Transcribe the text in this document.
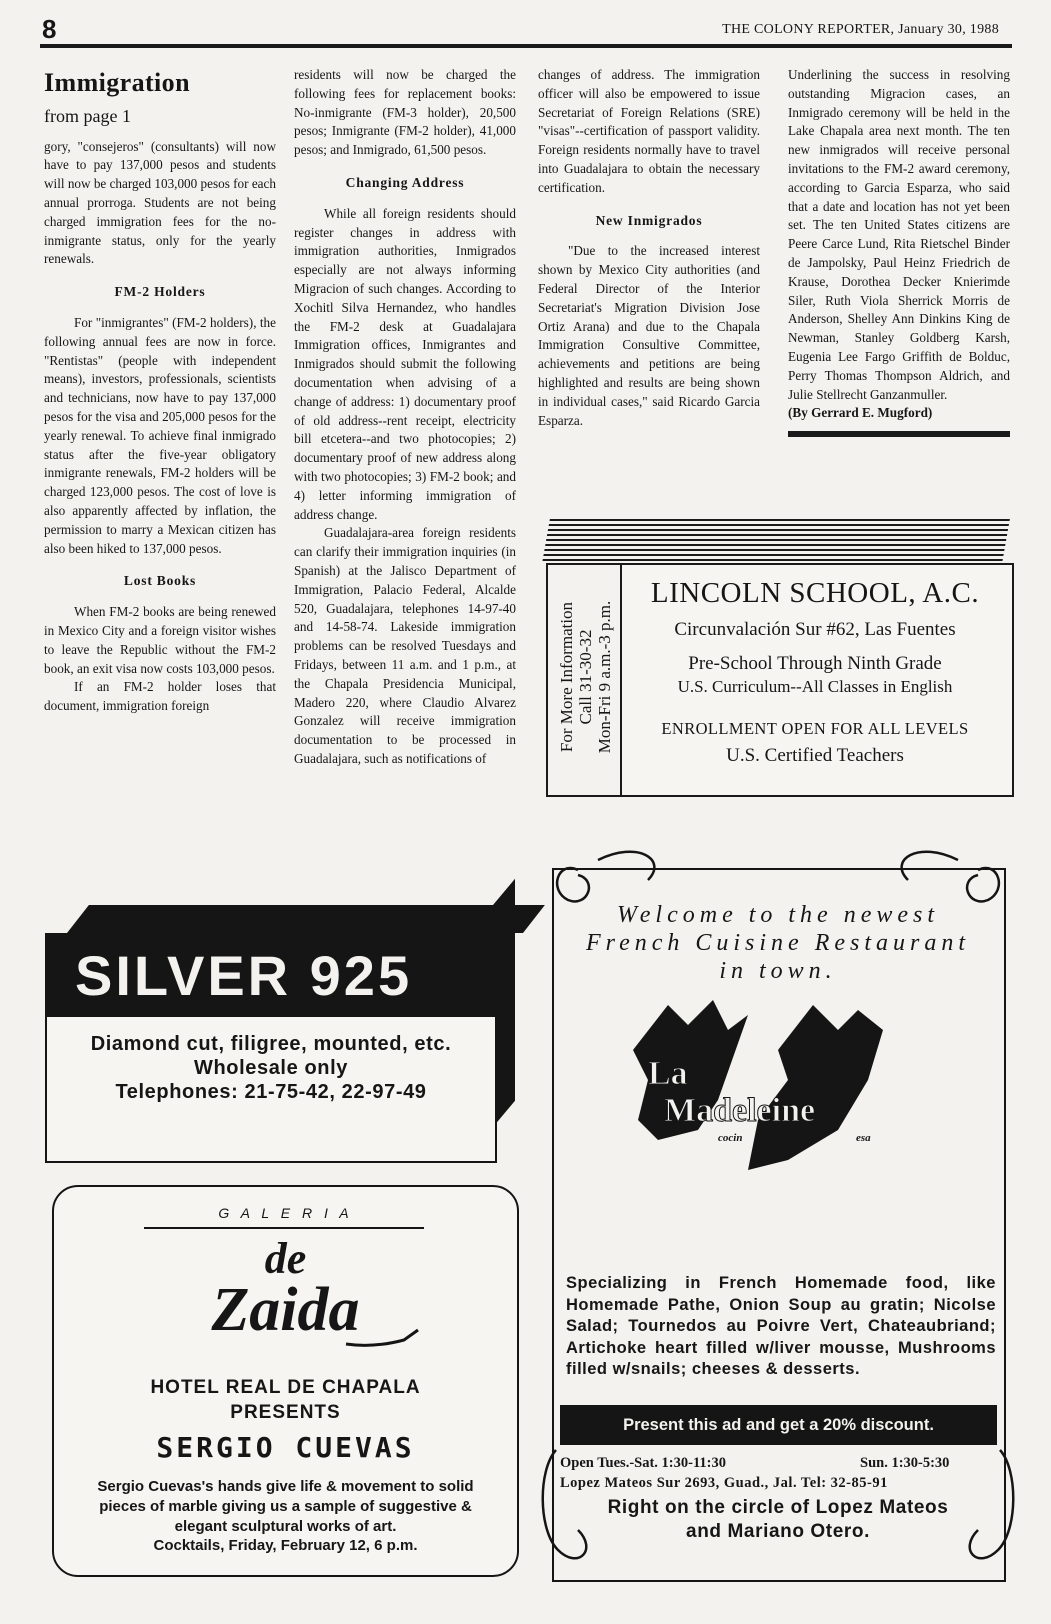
8	THE COLONY REPORTER, January 30, 1988
Immigration
from page 1

gory, "consejeros" (consultants) will now have to pay 137,000 pesos and students will now be charged 103,000 pesos for each annual prorroga. Students are not being charged immigration fees for the no-inmigrante status, only for the yearly renewals.

FM-2 Holders

For "inmigrantes" (FM-2 holders), the following annual fees are now in force. "Rentistas" (people with independent means), investors, professionals, scientists and technicians, now have to pay 137,000 pesos for the visa and 205,000 pesos for the yearly renewal. To achieve final inmigrado status after the five-year obligatory inmigrante renewals, FM-2 holders will be charged 123,000 pesos. The cost of love is also apparently affected by inflation, the permission to marry a Mexican citizen has also been hiked to 137,000 pesos.

Lost Books

When FM-2 books are being renewed in Mexico City and a foreign visitor wishes to leave the Republic without the FM-2 book, an exit visa now costs 103,000 pesos.

If an FM-2 holder loses that document, immigration foreign

residents will now be charged the following fees for replacement books: No-inmigrante (FM-3 holder), 20,500 pesos; Inmigrante (FM-2 holder), 41,000 pesos; and Inmigrado, 61,500 pesos.

Changing Address

While all foreign residents should register changes in address with immigration authorities, Inmigrados especially are not always informing Migracion of such changes. According to Xochitl Silva Hernandez, who handles the FM-2 desk at Guadalajara Immigration offices, Inmigrantes and Inmigrados should submit the following documentation when advising of a change of address: 1) documentary proof of old address--rent receipt, electricity bill etcetera--and two photocopies; 2) documentary proof of new address along with two photocopies; 3) FM-2 book; and 4) letter informing immigration of address change.

Guadalajara-area foreign residents can clarify their immigration inquiries (in Spanish) at the Jalisco Department of Immigration, Palacio Federal, Alcalde 520, Guadalajara, telephones 14-97-40 and 14-58-74. Lakeside immigration problems can be resolved Tuesdays and Fridays, between 11 a.m. and 1 p.m., at the Chapala Presidencia Municipal, Madero 220, where Claudio Alvarez Gonzalez will receive immigration documentation to be processed in Guadalajara, such as notifications of

changes of address. The immigration officer will also be empowered to issue Secretariat of Foreign Relations (SRE) "visas"--certification of passport validity. Foreign residents normally have to travel into Guadalajara to obtain the necessary certification.

New Inmigrados

"Due to the increased interest shown by Mexico City authorities (and Federal Director of the Interior Secretariat's Migration Division Jose Ortiz Arana) and due to the Chapala Immigration Consultive Committee, achievements and petitions are being highlighted and results are being shown in individual cases," said Ricardo Garcia Esparza.

Underlining the success in resolving outstanding Migracion cases, an Inmigrado ceremony will be held in the Lake Chapala area next month. The ten new inmigrados will receive personal invitations to the FM-2 award ceremony, according to Garcia Esparza, who said that a date and location has not yet been set. The ten United States citizens are Peere Carce Lund, Rita Rietschel Binder de Jampolsky, Paul Heinz Friedrich de Krause, Dorothea Decker Knierimde Siler, Ruth Viola Sherrick Morris de Anderson, Shelley Ann Dinkins King de Newman, Stanley Goldberg Karsh, Eugenia Lee Fargo Griffith de Bolduc, Perry Thomas Thompson Aldrich, and Julie Stellrecht Ganzanmuller.

(By Gerrard E. Mugford)

For More Information Call 31-30-32 Mon-Fri 9 a.m.-3 p.m.
LINCOLN SCHOOL, A.C.
Circunvalación Sur #62, Las Fuentes
Pre-School Through Ninth Grade
U.S. Curriculum--All Classes in English
ENROLLMENT OPEN FOR ALL LEVELS
U.S. Certified Teachers
SILVER 925
Diamond cut, filigree, mounted, etc.
Wholesale only
Telephones: 21-75-42, 22-97-49
G A L E R I A
de
Zaida
HOTEL REAL DE CHAPALA
PRESENTS
SERGIO CUEVAS
Sergio Cuevas's hands give life & movement to solid pieces of marble giving us a sample of suggestive & elegant sculptural works of art.
Cocktails, Friday, February 12, 6 p.m.
Welcome to the newest
French Cuisine Restaurant
in town.
La
Madeleine
cocin	esa
Specializing in French Homemade food, like Homemade Pathe, Onion Soup au gratin; Nicolse Salad; Tournedos au Poivre Vert, Chateaubriand; Artichoke heart filled w/liver mousse, Mushrooms filled w/snails; cheeses & desserts.
Present this ad and get a 20% discount.
Open Tues.-Sat. 1:30-11:30	Sun. 1:30-5:30
Lopez Mateos Sur 2693, Guad., Jal. Tel: 32-85-91
Right on the circle of Lopez Mateos
and Mariano Otero.
